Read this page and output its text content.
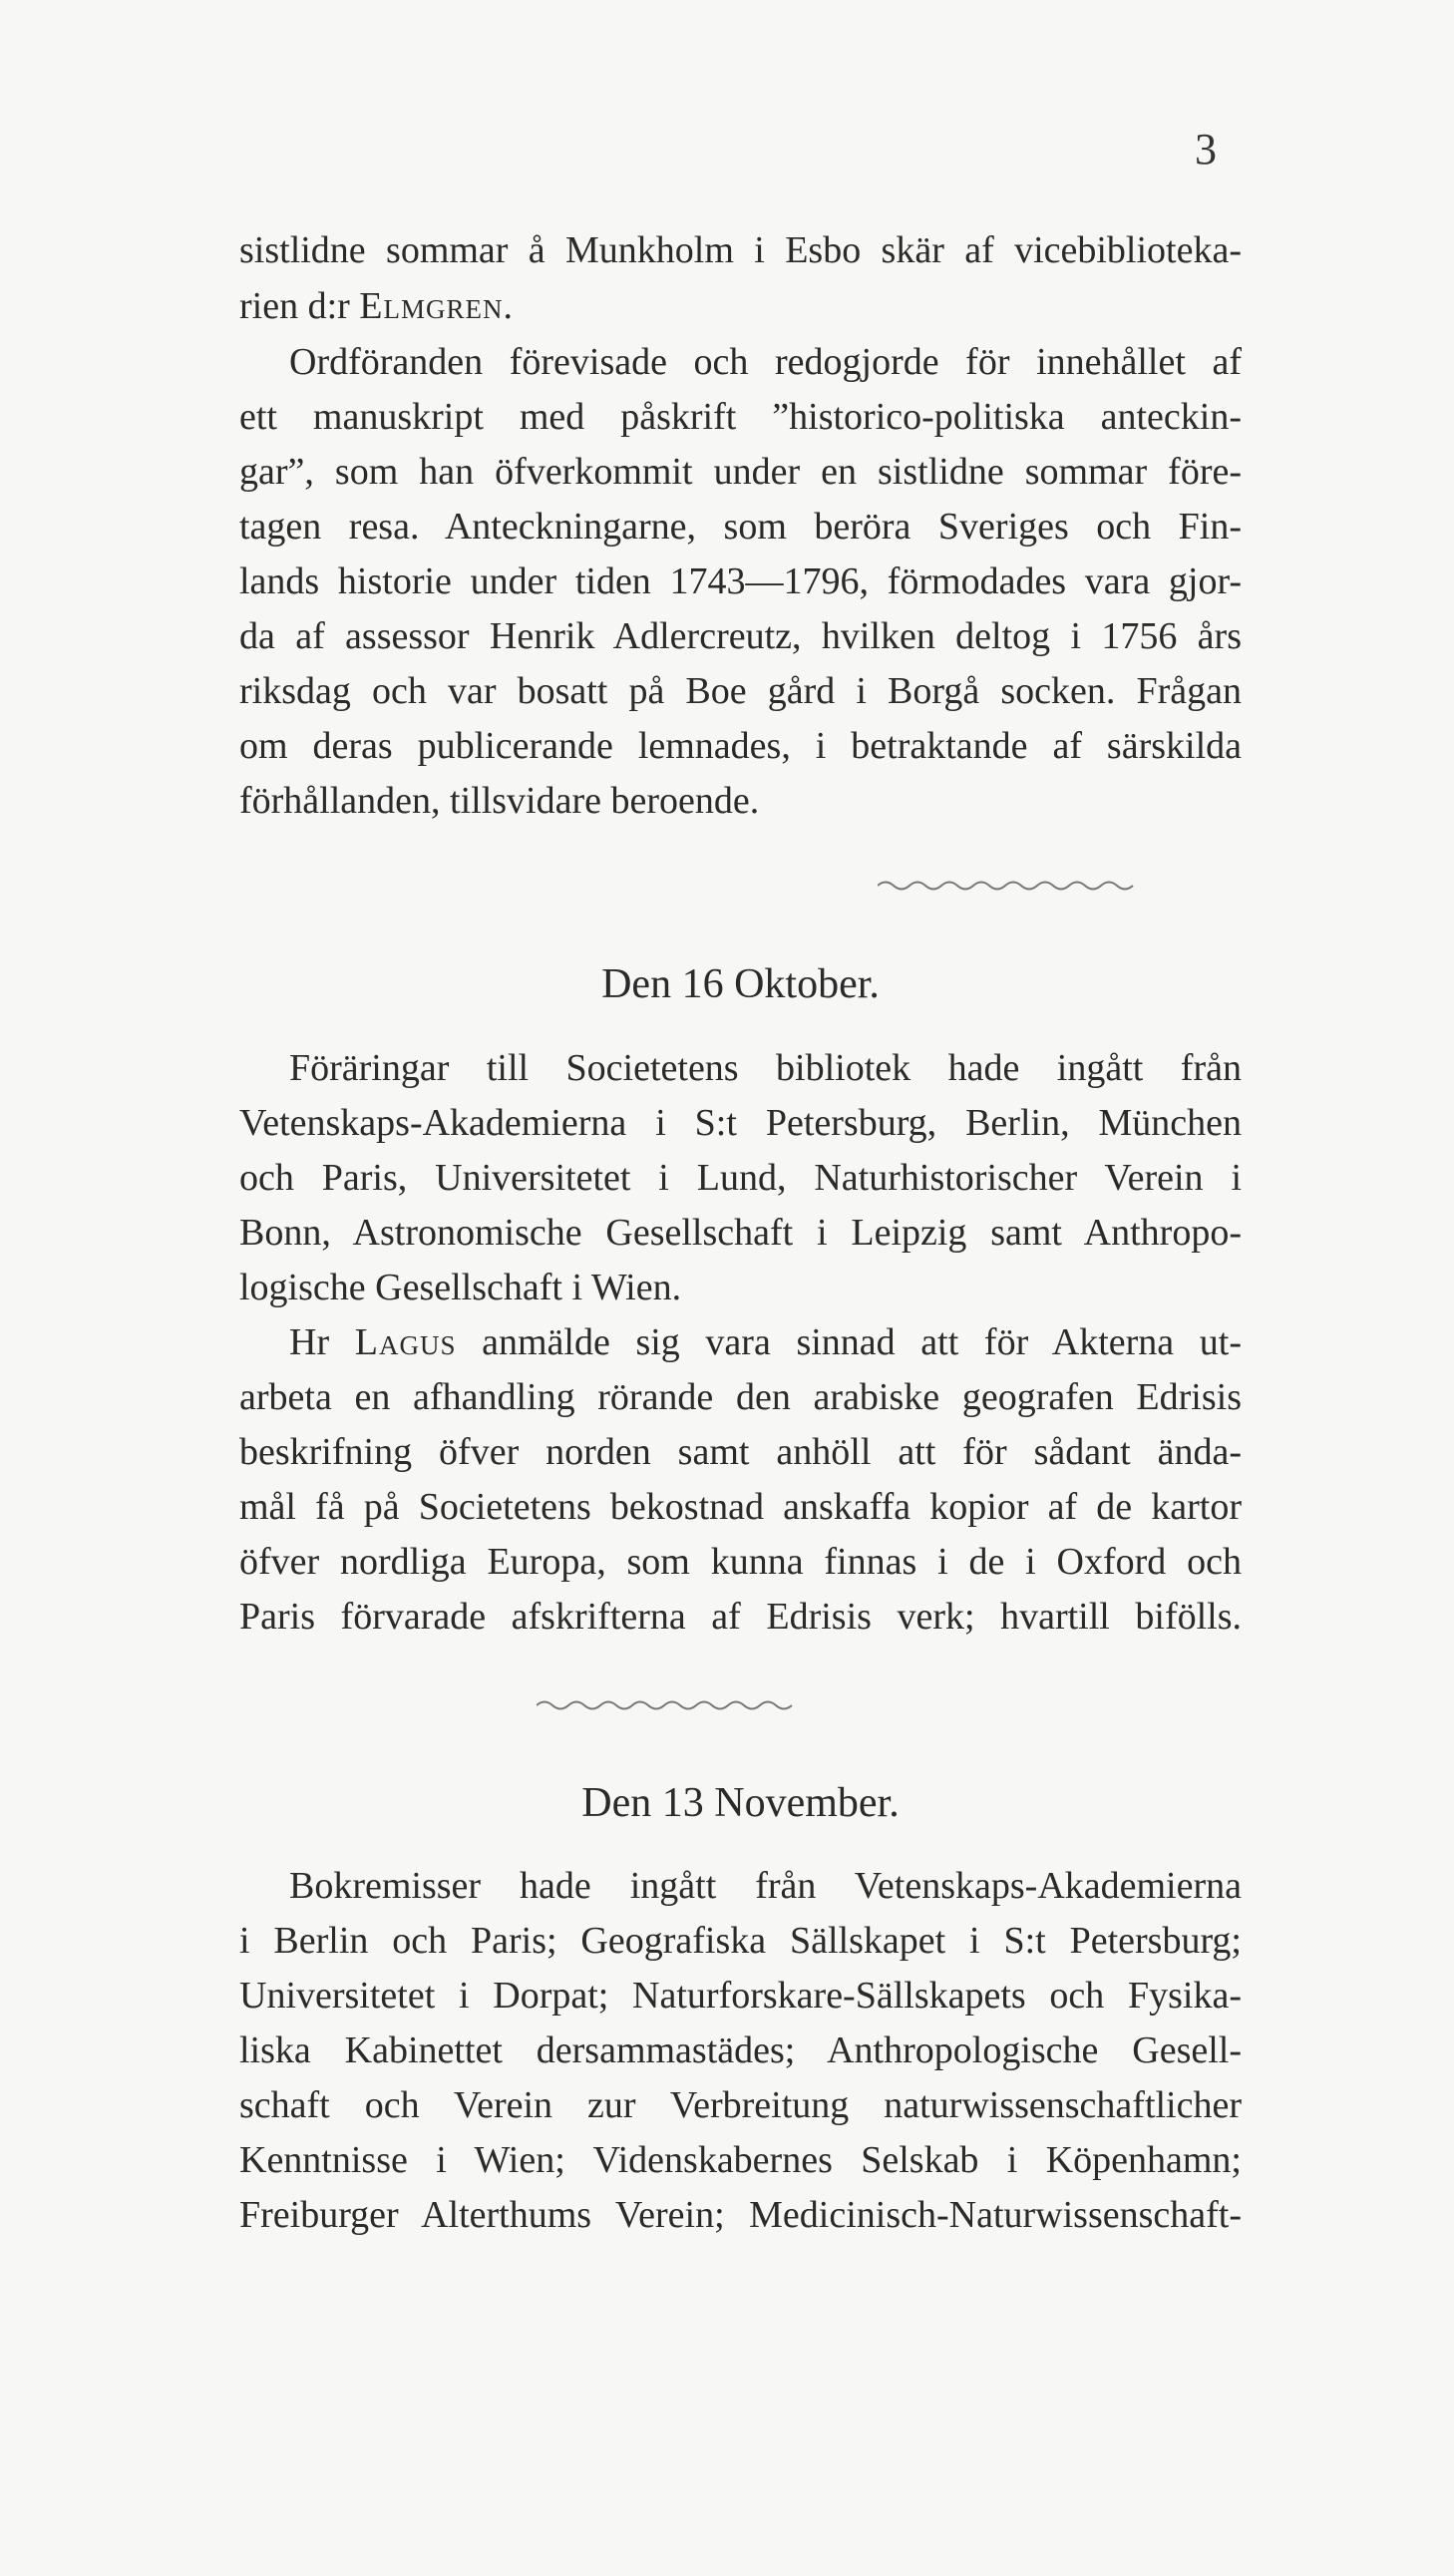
3
sistlidne sommar å Munkholm i Esbo skär af vicebiblioteka-
rien d:r Elmgren.
Ordföranden förevisade och redogjorde för innehållet af
ett manuskript med påskrift ”historico-politiska anteckin-
gar”, som han öfverkommit under en sistlidne sommar före-
tagen resa. Anteckningarne, som beröra Sveriges och Fin-
lands historie under tiden 1743—1796, förmodades vara gjor-
da af assessor Henrik Adlercreutz, hvilken deltog i 1756 års
riksdag och var bosatt på Boe gård i Borgå socken. Frågan
om deras publicerande lemnades, i betraktande af särskilda
förhållanden, tillsvidare beroende.
Den 16 Oktober.
Föräringar till Societetens bibliotek hade ingått från
Vetenskaps-Akademierna i S:t Petersburg, Berlin, München
och Paris, Universitetet i Lund, Naturhistorischer Verein i
Bonn, Astronomische Gesellschaft i Leipzig samt Anthropo-
logische Gesellschaft i Wien.
Hr Lagus anmälde sig vara sinnad att för Akterna ut-
arbeta en afhandling rörande den arabiske geografen Edrisis
beskrifning öfver norden samt anhöll att för sådant ända-
mål få på Societetens bekostnad anskaffa kopior af de kartor
öfver nordliga Europa, som kunna finnas i de i Oxford och
Paris förvarade afskrifterna af Edrisis verk; hvartill bifölls.
Den 13 November.
Bokremisser hade ingått från Vetenskaps-Akademierna
i Berlin och Paris; Geografiska Sällskapet i S:t Petersburg;
Universitetet i Dorpat; Naturforskare-Sällskapets och Fysika-
liska Kabinettet dersammastädes; Anthropologische Gesell-
schaft och Verein zur Verbreitung naturwissenschaftlicher
Kenntnisse i Wien; Videnskabernes Selskab i Köpenhamn;
Freiburger Alterthums Verein; Medicinisch-Naturwissenschaft-
